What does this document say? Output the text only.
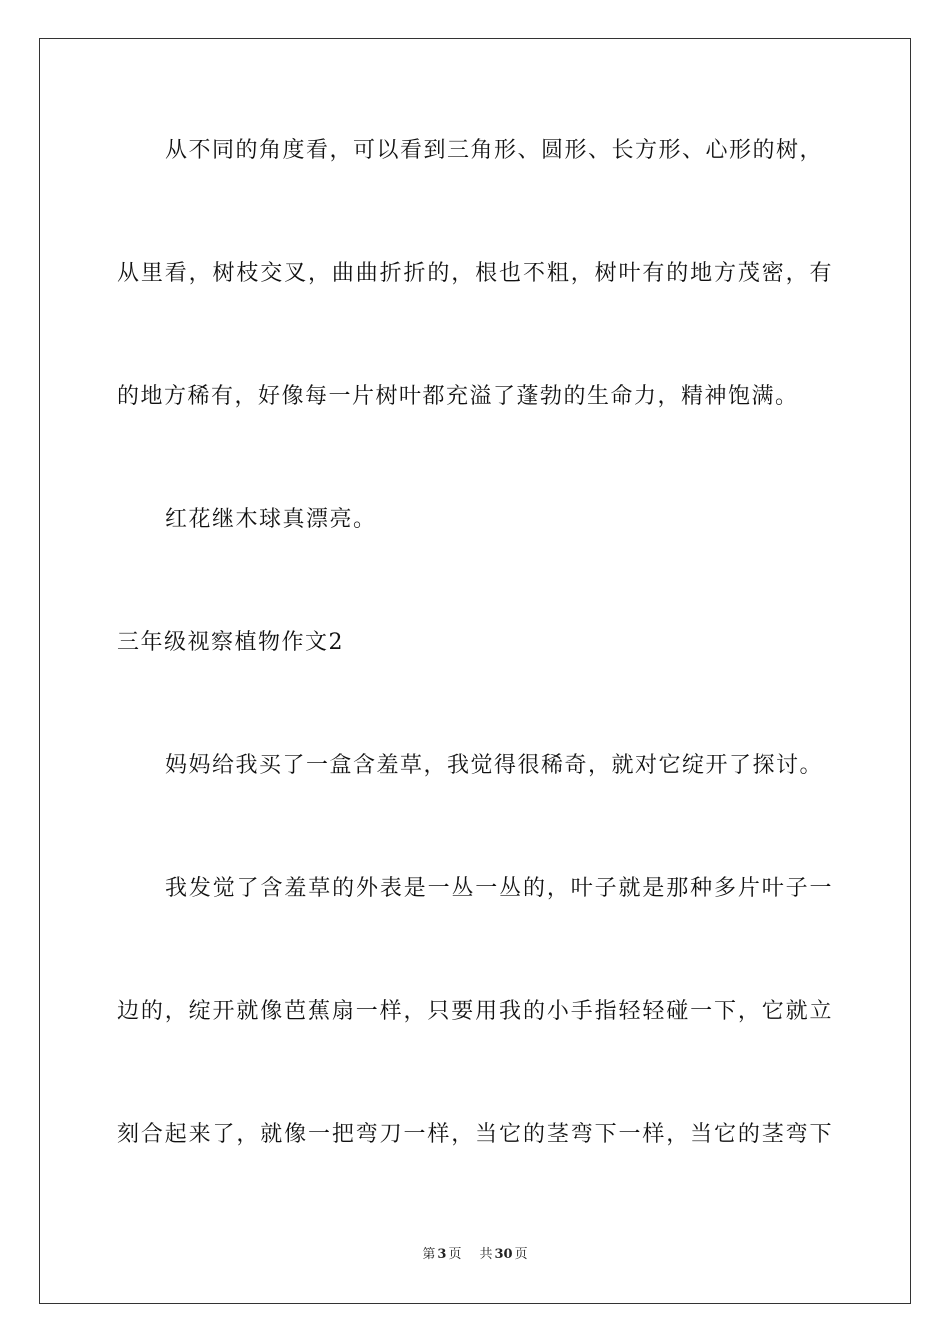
从不同的角度看，可以看到三角形、圆形、长方形、心形的树，
从里看，树枝交叉，曲曲折折的，根也不粗，树叶有的地方茂密，有
的地方稀有，好像每一片树叶都充溢了蓬勃的生命力，精神饱满。
红花继木球真漂亮。
三年级视察植物作文2
妈妈给我买了一盒含羞草，我觉得很稀奇，就对它绽开了探讨。
我发觉了含羞草的外表是一丛一丛的，叶子就是那种多片叶子一
边的，绽开就像芭蕉扇一样，只要用我的小手指轻轻碰一下，它就立
刻合起来了，就像一把弯刀一样，当它的茎弯下一样，当它的茎弯下
第 3 页 共 30 页
